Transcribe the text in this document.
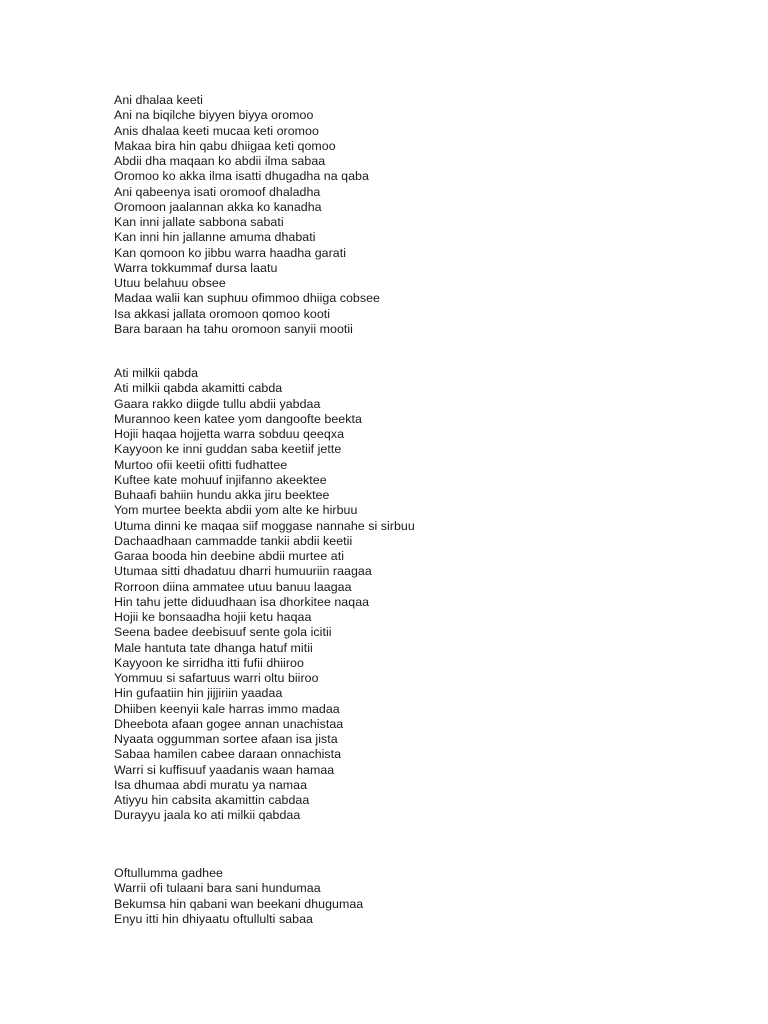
Ani dhalaa keeti
Ani na biqilche biyyen biyya oromoo
Anis dhalaa keeti mucaa keti oromoo
Makaa bira hin qabu dhiigaa keti qomoo
Abdii dha maqaan ko abdii ilma sabaa
Oromoo ko akka ilma isatti dhugadha na qaba
Ani qabeenya isati oromoof dhaladha
Oromoon jaalannan akka ko kanadha
Kan inni jallate sabbona sabati
Kan inni hin jallanne amuma dhabati
Kan qomoon ko jibbu warra haadha garati
Warra tokkummaf dursa laatu
Utuu belahuu obsee
Madaa walii kan suphuu ofimmoo dhiiga cobsee
Isa akkasi jallata oromoon qomoo kooti
Bara baraan ha tahu oromoon sanyii mootii
Ati milkii qabda
Ati milkii qabda akamitti cabda
Gaara rakko diigde tullu abdii yabdaa
Murannoo keen katee yom dangoofte beekta
Hojii haqaa hojjetta warra sobduu qeeqxa
Kayyoon ke inni guddan saba keetiif jette
Murtoo ofii keetii ofitti fudhattee
Kuftee kate mohuuf injifanno akeektee
Buhaafi bahiin hundu akka jiru beektee
Yom murtee beekta abdii yom alte ke hirbuu
Utuma dinni ke maqaa siif moggase nannahe si sirbuu
Dachaadhaan cammadde tankii abdii keetii
Garaa booda hin deebine abdii murtee ati
Utumaa sitti dhadatuu dharri humuuriin raagaa
Rorroon diina ammatee utuu banuu laagaa
Hin tahu jette diduudhaan isa dhorkitee naqaa
Hojii ke bonsaadha hojii ketu haqaa
Seena badee deebisuuf sente gola icitii
Male hantuta tate dhanga hatuf mitii
Kayyoon ke sirridha itti fufii dhiiroo
Yommuu si safartuus warri oltu biiroo
Hin gufaatiin hin jijjiriin yaadaa
Dhiiben keenyii kale harras immo madaa
Dheebota afaan gogee annan unachistaa
Nyaata oggumman sortee afaan isa jista
Sabaa hamilen cabee daraan onnachista
Warri si kuffisuuf yaadanis waan hamaa
Isa dhumaa abdi muratu ya namaa
Atiyyu hin cabsita akamittin cabdaa
Durayyu jaala ko ati milkii qabdaa
Oftullumma gadhee
Warrii ofi tulaani bara sani hundumaa
Bekumsa hin qabani wan beekani dhugumaa
Enyu itti hin dhiyaatu oftullulti sabaa
